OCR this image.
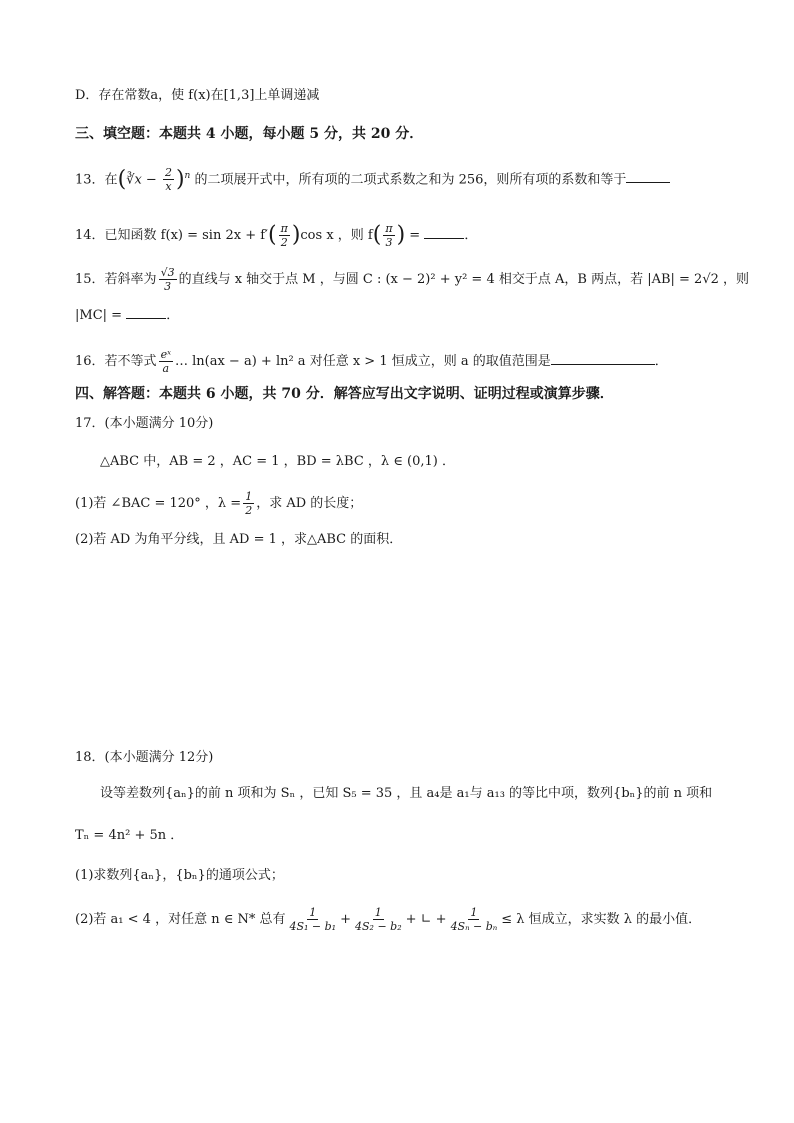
D．存在常数a，使 f(x)在[1,3]上单调递减
三、填空题：本题共 4 小题，每小题 5 分，共 20 分．
13．在(∛x − $\frac{2}{x} )^n$ 的二项展开式中，所有项的二项式系数之和为 256，则所有项的系数和等于
14．已知函数 $f(x) = \sin 2x + f'( \frac{\pi}{2} )\cos$ x ，则 $f( \frac{\pi}{3}$ ) =	．
15．若斜率为 $\frac{√3}{3}$ 的直线与 x 轴交于点 M ，与圆 C : (x − 2)² + y² = 4 相交于点 A，B 两点，若 |AB| = 2√2 ，则
|MC| =	．
16．若不等式 $\frac{\text{eˣ}}{a}$ … ln(ax − a) + ln² a 对任意 x > 1 恒成立，则 a 的取值范围是	．
四、解答题：本题共 6 小题，共 70 分．解答应写出文字说明、证明过程或演算步骤．
17．(本小题满分 10分)
△ABC 中，AB = 2 ，AC = 1 ，BD = λBC ，λ ∈ (0,1) ．
(1)若 ∠BAC = 120° ，$\lambda = \frac{1}{2}$ ，求 AD 的长度；
(2)若 AD 为角平分线，且 AD = 1 ，求△ABC 的面积．
18．(本小题满分 12分)
设等差数列{aₙ}的前 n 项和为 Sₙ ，已知 S₅ = 35 ，且 a₄是 a₁与 a₁₃ 的等比中项，数列{bₙ}的前 n 项和
Tₙ = 4n² + 5n ．
(1)求数列{aₙ}，{bₙ}的通项公式；
(2)若 a₁ < 4 ，对任意 n ∈ N* 总有 $\frac{1}{\text{4S₁ − b₁}} + \frac{1}{\text{4S₂ − b₂}}$ + ∟ + $\frac{1}{\text{4Sₙ − bₙ}} \le \lambda$ 恒成立，求实数 λ 的最小值．
